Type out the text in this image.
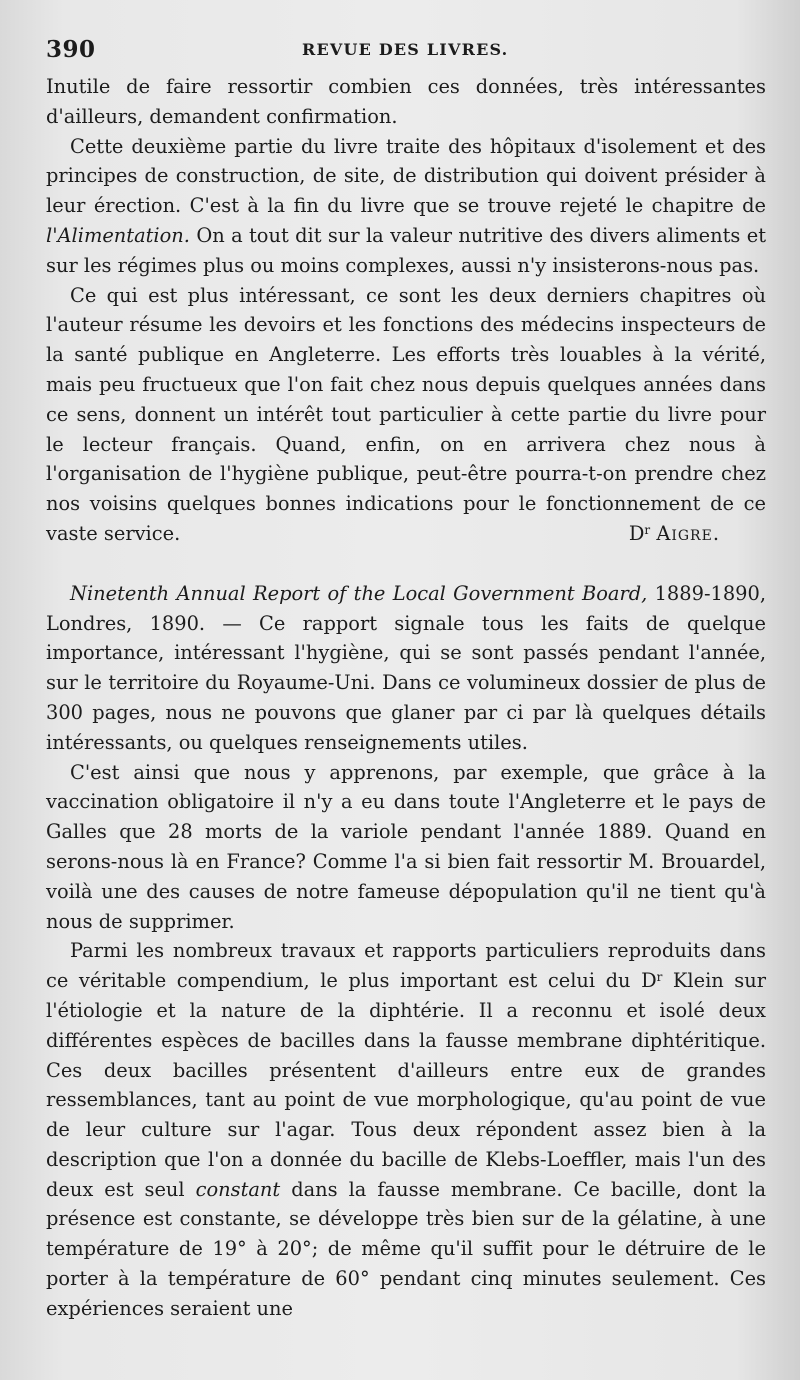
390	REVUE DES LIVRES.

Inutile de faire ressortir combien ces données, très intéressantes d'ailleurs, demandent confirmation.

Cette deuxième partie du livre traite des hôpitaux d'isolement et des principes de construction, de site, de distribution qui doivent présider à leur érection. C'est à la fin du livre que se trouve rejeté le chapitre de l'Alimentation. On a tout dit sur la valeur nutritive des divers aliments et sur les régimes plus ou moins complexes, aussi n'y insisterons-nous pas.

Ce qui est plus intéressant, ce sont les deux derniers chapitres où l'auteur résume les devoirs et les fonctions des médecins inspecteurs de la santé publique en Angleterre. Les efforts très louables à la vérité, mais peu fructueux que l'on fait chez nous depuis quelques années dans ce sens, donnent un intérêt tout particulier à cette partie du livre pour le lecteur français. Quand, enfin, on en arrivera chez nous à l'organisation de l'hygiène publique, peut-être pourra-t-on prendre chez nos voisins quelques bonnes indications pour le fonctionnement de ce vaste service.	$D^r$ Aigre.

Ninetenth Annual Report of the Local Government Board, 1889-1890, Londres, 1890. — Ce rapport signale tous les faits de quelque importance, intéressant l'hygiène, qui se sont passés pendant l'année, sur le territoire du Royaume-Uni. Dans ce volumineux dossier de plus de 300 pages, nous ne pouvons que glaner par ci par là quelques détails intéressants, ou quelques renseignements utiles.

C'est ainsi que nous y apprenons, par exemple, que grâce à la vaccination obligatoire il n'y a eu dans toute l'Angleterre et le pays de Galles que 28 morts de la variole pendant l'année 1889. Quand en serons-nous là en France? Comme l'a si bien fait ressortir M. Brouardel, voilà une des causes de notre fameuse dépopulation qu'il ne tient qu'à nous de supprimer.

Parmi les nombreux travaux et rapports particuliers reproduits dans ce véritable compendium, le plus important est celui du $D^r$ Klein sur l'étiologie et la nature de la diphtérie. Il a reconnu et isolé deux différentes espèces de bacilles dans la fausse membrane diphtéritique. Ces deux bacilles présentent d'ailleurs entre eux de grandes ressemblances, tant au point de vue morphologique, qu'au point de vue de leur culture sur l'agar. Tous deux répondent assez bien à la description que l'on a donnée du bacille de Klebs-Loeffler, mais l'un des deux est seul constant dans la fausse membrane. Ce bacille, dont la présence est constante, se développe très bien sur de la gélatine, à une température de 19° à 20°; de même qu'il suffit pour le détruire de le porter à la température de 60° pendant cinq minutes seulement. Ces expériences seraient une
